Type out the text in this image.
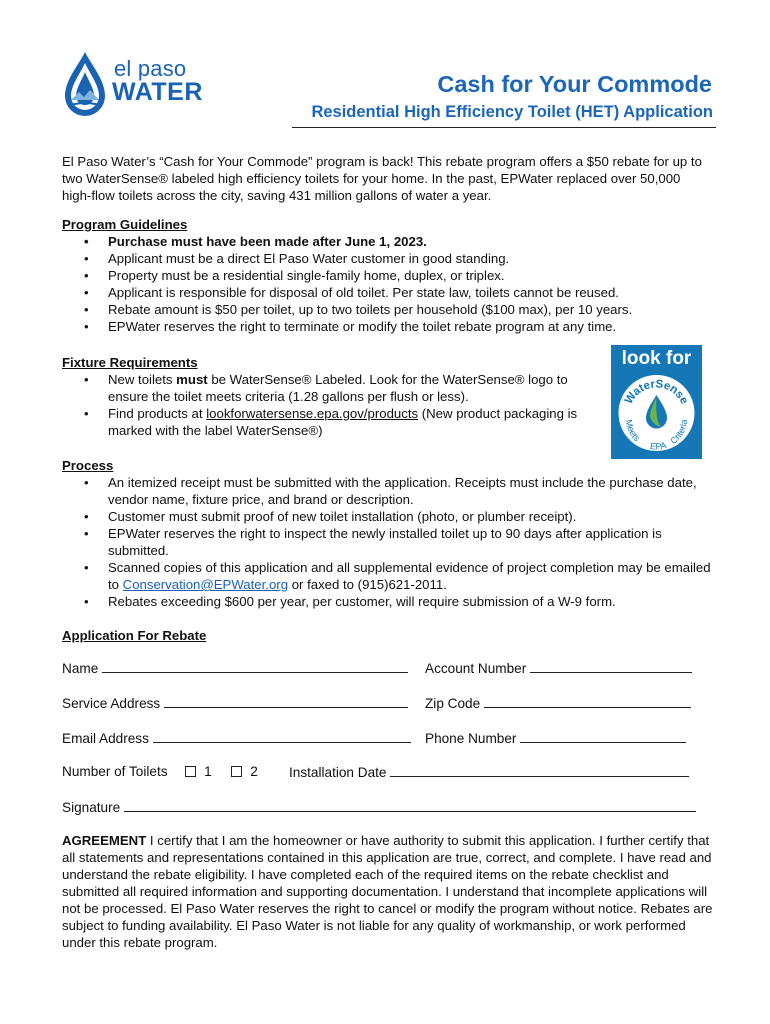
el paso
WATER	Cash for Your Commode
Residential High Efficiency Toilet (HET) Application
El Paso Water’s “Cash for Your Commode” program is back! This rebate program offers a $50 rebate for up to two WaterSense® labeled high efficiency toilets for your home. In the past, EPWater replaced over 50,000 high-flow toilets across the city, saving 431 million gallons of water a year.
Program Guidelines
• Purchase must have been made after June 1, 2023.
• Applicant must be a direct El Paso Water customer in good standing.
• Property must be a residential single-family home, duplex, or triplex.
• Applicant is responsible for disposal of old toilet. Per state law, toilets cannot be reused.
• Rebate amount is $50 per toilet, up to two toilets per household ($100 max), per 10 years.
• EPWater reserves the right to terminate or modify the toilet rebate program at any time.
Fixture Requirements
• New toilets must be WaterSense® Labeled. Look for the WaterSense® logo to ensure the toilet meets criteria (1.28 gallons per flush or less).
• Find products at lookforwatersense.epa.gov/products (New product packaging is marked with the label WaterSense®)
look for
WaterSense
Meets
EPA Criteria
Process
• An itemized receipt must be submitted with the application. Receipts must include the purchase date, vendor name, fixture price, and brand or description.
• Customer must submit proof of new toilet installation (photo, or plumber receipt).
• EPWater reserves the right to inspect the newly installed toilet up to 90 days after application is submitted.
• Scanned copies of this application and all supplemental evidence of project completion may be emailed to Conservation@EPWater.org or faxed to (915)621-2011.
• Rebates exceeding $600 per year, per customer, will require submission of a W-9 form.
Application For Rebate
Name	Account Number
Service Address	Zip Code
Email Address	Phone Number
Number of Toilets	1	2 Installation Date
Signature
AGREEMENT I certify that I am the homeowner or have authority to submit this application. I further certify that all statements and representations contained in this application are true, correct, and complete. I have read and understand the rebate eligibility. I have completed each of the required items on the rebate checklist and submitted all required information and supporting documentation. I understand that incomplete applications will not be processed. El Paso Water reserves the right to cancel or modify the program without notice. Rebates are subject to funding availability. El Paso Water is not liable for any quality of workmanship, or work performed under this rebate program.
